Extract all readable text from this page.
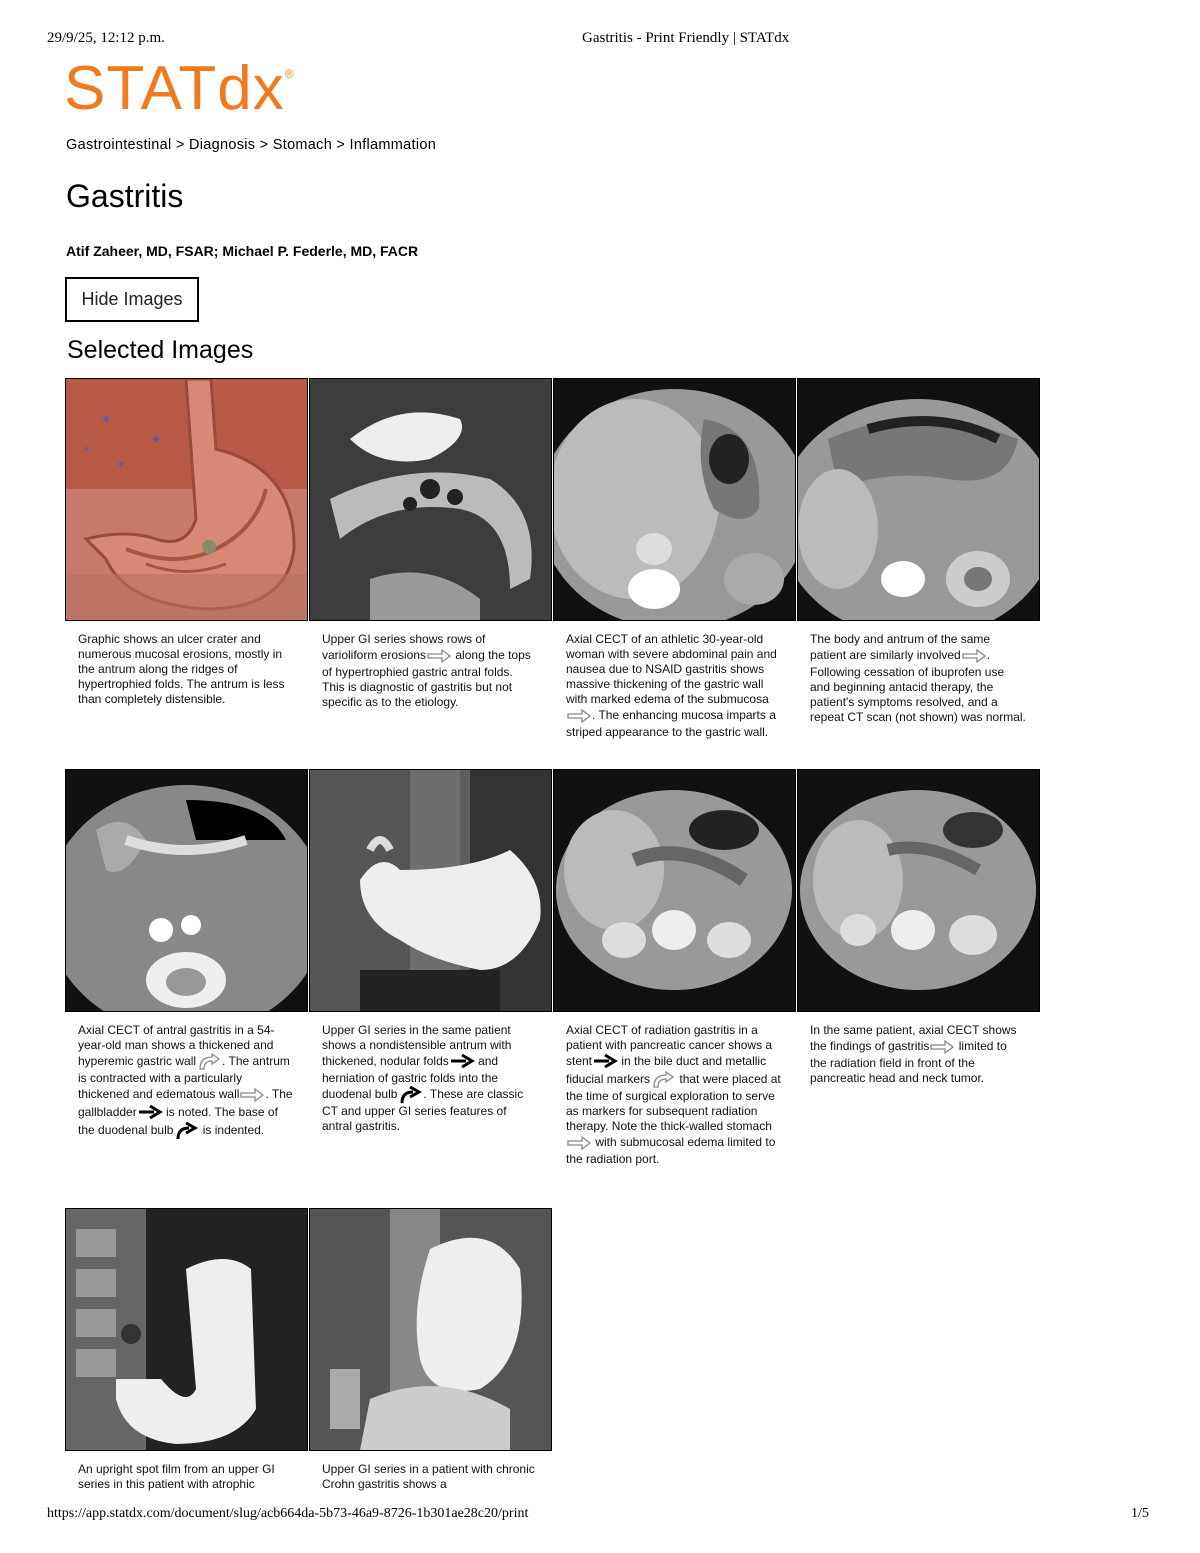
29/9/25, 12:12 p.m.	Gastritis - Print Friendly | STATdx
STATdx®
Gastrointestinal > Diagnosis > Stomach > Inflammation
Gastritis
Atif Zaheer, MD, FSAR; Michael P. Federle, MD, FACR
Hide Images
Selected Images
Graphic shows an ulcer crater and numerous mucosal erosions, mostly in the antrum along the ridges of hypertrophied folds. The antrum is less than completely distensible.
Upper GI series shows rows of varioliform erosions along the tops of hypertrophied gastric antral folds. This is diagnostic of gastritis but not specific as to the etiology.
Axial CECT of an athletic 30-year-old woman with severe abdominal pain and nausea due to NSAID gastritis shows massive thickening of the gastric wall with marked edema of the submucosa. The enhancing mucosa imparts a striped appearance to the gastric wall.
The body and antrum of the same patient are similarly involved . Following cessation of ibuprofen use and beginning antacid therapy, the patient's symptoms resolved, and a repeat CT scan (not shown) was normal.
Axial CECT of antral gastritis in a 54-year-old man shows a thickened and hyperemic gastric wall . The antrum is contracted with a particularly thickened and edematous wall . The gallbladder is noted. The base of the duodenal bulb is indented.
Upper GI series in the same patient shows a nondistensible antrum with thickened, nodular folds and herniation of gastric folds into the duodenal bulb . These are classic CT and upper GI series features of antral gastritis.
Axial CECT of radiation gastritis in a patient with pancreatic cancer shows a stent in the bile duct and metallic fiducial markers that were placed at the time of surgical exploration to serve as markers for subsequent radiation therapy. Note the thick-walled stomach with submucosal edema limited to the radiation port.
In the same patient, axial CECT shows the findings of gastritis limited to the radiation field in front of the pancreatic head and neck tumor.
An upright spot film from an upper GI series in this patient with atrophic
Upper GI series in a patient with chronic Crohn gastritis shows a
https://app.statdx.com/document/slug/acb664da-5b73-46a9-8726-1b301ae28c20/print	1/5
